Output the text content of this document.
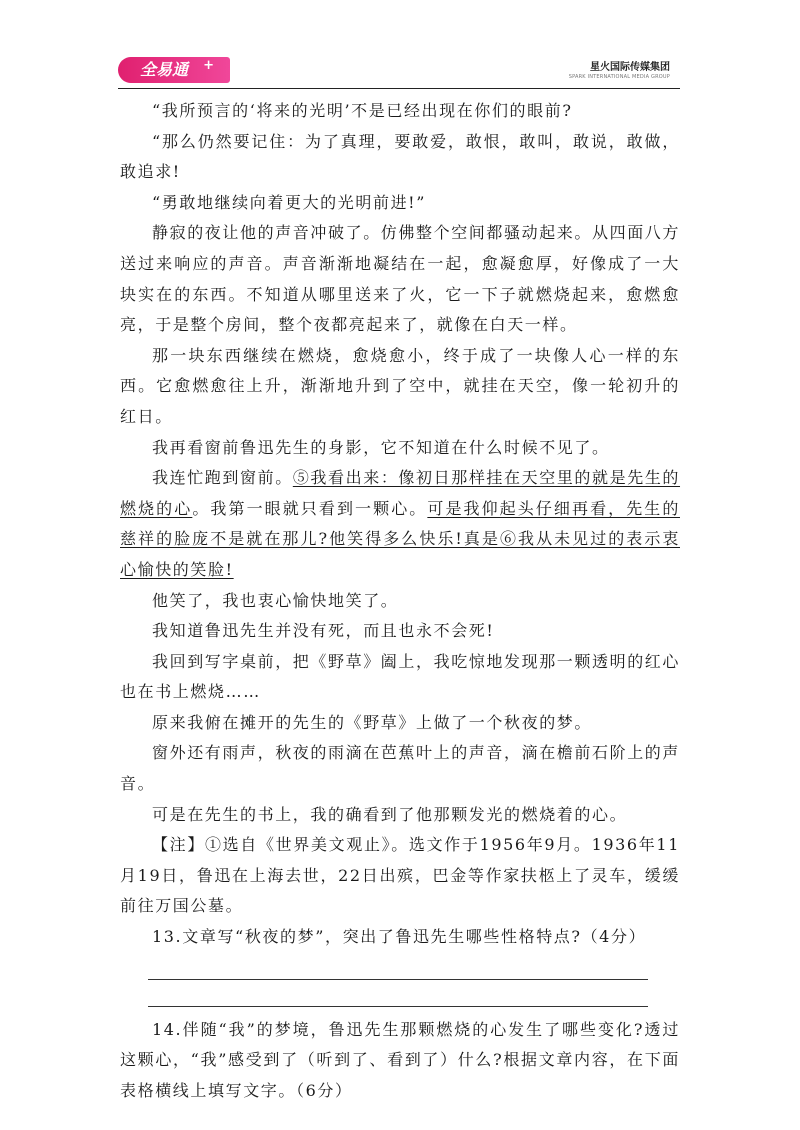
全易通 +	星火国际传媒集团
SPARK INTERNATIONAL MEDIA GROUP

“我所预言的‘将来的光明’不是已经出现在你们的眼前?

“那么仍然要记住：为了真理，要敢爱，敢恨，敢叫，敢说，敢做，敢追求!

“勇敢地继续向着更大的光明前进!”

静寂的夜让他的声音冲破了。仿佛整个空间都骚动起来。从四面八方送过来响应的声音。声音渐渐地凝结在一起，愈凝愈厚，好像成了一大块实在的东西。不知道从哪里送来了火，它一下子就燃烧起来，愈燃愈亮，于是整个房间，整个夜都亮起来了，就像在白天一样。

那一块东西继续在燃烧，愈烧愈小，终于成了一块像人心一样的东西。它愈燃愈往上升，渐渐地升到了空中，就挂在天空，像一轮初升的红日。

我再看窗前鲁迅先生的身影，它不知道在什么时候不见了。

我连忙跑到窗前。⑤我看出来：像初日那样挂在天空里的就是先生的燃烧的心。我第一眼就只看到一颗心。可是我仰起头仔细再看，先生的慈祥的脸庞不是就在那儿?他笑得多么快乐!真是⑥我从未见过的表示衷心愉快的笑脸!

他笑了，我也衷心愉快地笑了。

我知道鲁迅先生并没有死，而且也永不会死!

我回到写字桌前，把《野草》阖上，我吃惊地发现那一颗透明的红心也在书上燃烧……

原来我俯在摊开的先生的《野草》上做了一个秋夜的梦。

窗外还有雨声，秋夜的雨滴在芭蕉叶上的声音，滴在檐前石阶上的声音。

可是在先生的书上，我的确看到了他那颗发光的燃烧着的心。

【注】①选自《世界美文观止》。选文作于1956年9月。1936年11月19日，鲁迅在上海去世，22日出殡，巴金等作家扶柩上了灵车，缓缓前往万国公墓。

13.文章写“秋夜的梦”，突出了鲁迅先生哪些性格特点?（4分）

14.伴随“我”的梦境，鲁迅先生那颗燃烧的心发生了哪些变化?透过这颗心，“我”感受到了（听到了、看到了）什么?根据文章内容，在下面表格横线上填写文字。（6分）
